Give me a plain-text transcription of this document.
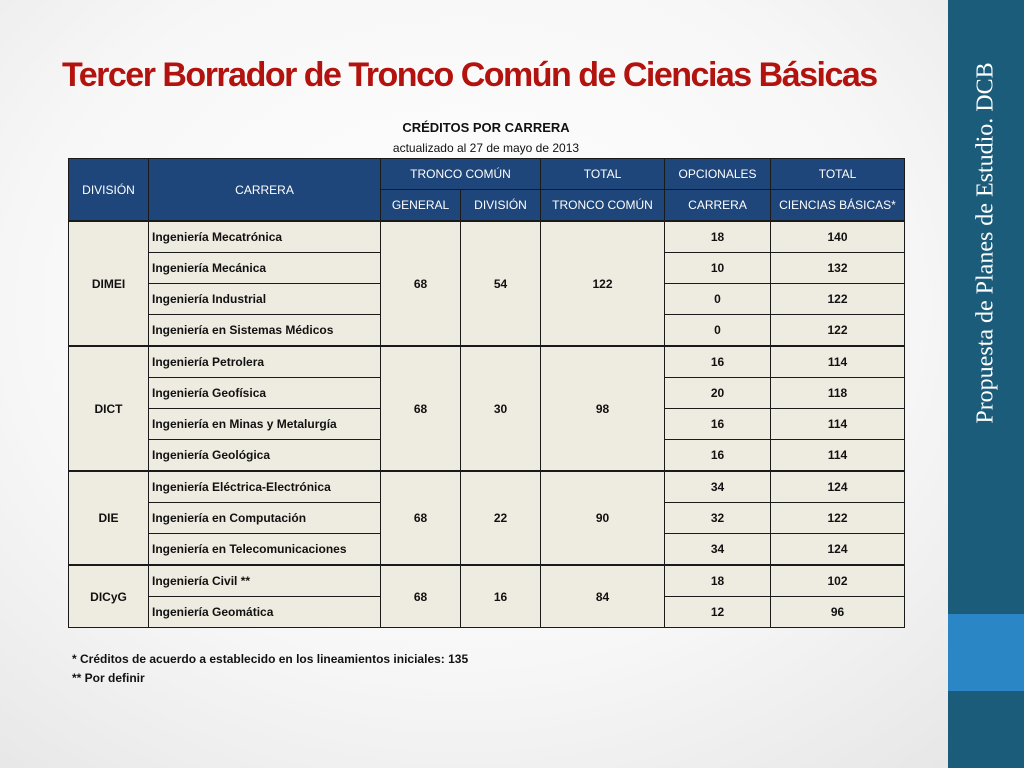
Propuesta de Planes de Estudio. DCB
Tercer Borrador de Tronco Común de Ciencias Básicas
CRÉDITOS POR CARRERA
actualizado al 27 de mayo de 2013
DIVISIÓN	CARRERA	TRONCO COMÚN		TOTAL	OPCIONALES	TOTAL
		GENERAL	DIVISIÓN	TRONCO COMÚN	CARRERA	CIENCIAS BÁSICAS*
DIMEI	Ingeniería Mecatrónica	68	54	122	18	140
	Ingeniería Mecánica				10	132
	Ingeniería Industrial				0	122
	Ingeniería en Sistemas Médicos				0	122
DICT	Ingeniería Petrolera	68	30	98	16	114
	Ingeniería Geofísica				20	118
	Ingeniería en Minas y Metalurgía				16	114
	Ingeniería Geológica				16	114
DIE	Ingeniería Eléctrica-Electrónica	68	22	90	34	124
	Ingeniería en Computación				32	122
	Ingeniería en Telecomunicaciones				34	124
DICyG	Ingeniería Civil **	68	16	84	18	102
	Ingeniería Geomática				12	96
* Créditos de acuerdo a establecido en los lineamientos iniciales: 135
** Por definir
